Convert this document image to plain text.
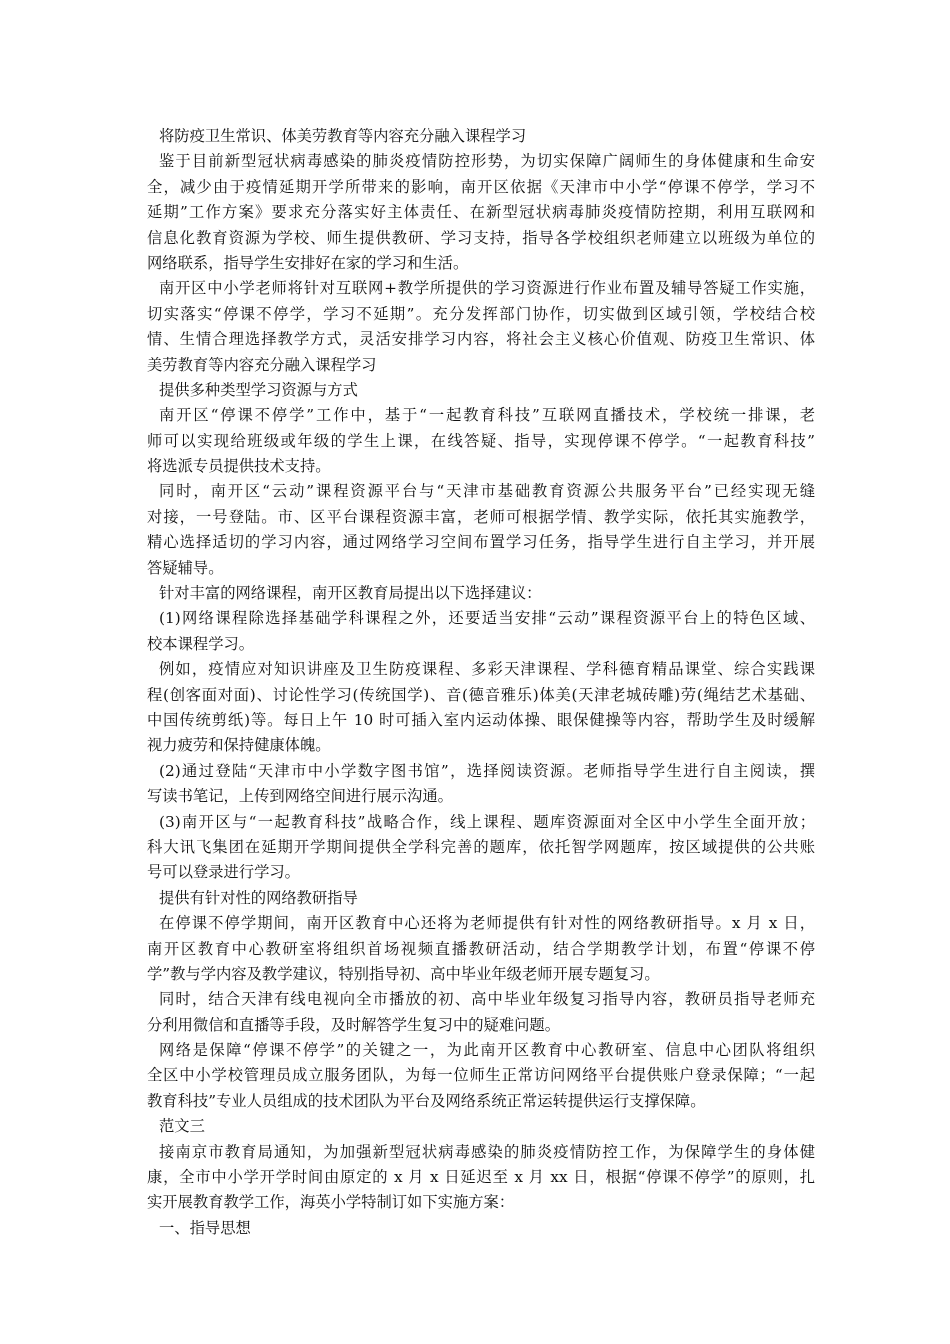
将防疫卫生常识、体美劳教育等内容充分融入课程学习
鉴于目前新型冠状病毒感染的肺炎疫情防控形势，为切实保障广阔师生的身体健康和生命安
全，减少由于疫情延期开学所带来的影响，南开区依据《天津市中小学“停课不停学，学习不
延期”工作方案》要求充分落实好主体责任、在新型冠状病毒肺炎疫情防控期，利用互联网和
信息化教育资源为学校、师生提供教研、学习支持，指导各学校组织老师建立以班级为单位的
网络联系，指导学生安排好在家的学习和生活。
南开区中小学老师将针对互联网+教学所提供的学习资源进行作业布置及辅导答疑工作实施，
切实落实“停课不停学，学习不延期”。充分发挥部门协作，切实做到区域引领，学校结合校
情、生情合理选择教学方式，灵活安排学习内容，将社会主义核心价值观、防疫卫生常识、体
美劳教育等内容充分融入课程学习
提供多种类型学习资源与方式
南开区“停课不停学”工作中，基于“一起教育科技”互联网直播技术，学校统一排课，老
师可以实现给班级或年级的学生上课，在线答疑、指导，实现停课不停学。“一起教育科技”
将选派专员提供技术支持。
同时，南开区“云动”课程资源平台与“天津市基础教育资源公共服务平台”已经实现无缝
对接，一号登陆。市、区平台课程资源丰富，老师可根据学情、教学实际，依托其实施教学，
精心选择适切的学习内容，通过网络学习空间布置学习任务，指导学生进行自主学习，并开展
答疑辅导。
针对丰富的网络课程，南开区教育局提出以下选择建议：
(1)网络课程除选择基础学科课程之外，还要适当安排“云动”课程资源平台上的特色区域、
校本课程学习。
例如，疫情应对知识讲座及卫生防疫课程、多彩天津课程、学科德育精品课堂、综合实践课
程(创客面对面)、讨论性学习(传统国学)、音(德音雅乐)体美(天津老城砖雕)劳(绳结艺术基础、
中国传统剪纸)等。每日上午 10 时可插入室内运动体操、眼保健操等内容，帮助学生及时缓解
视力疲劳和保持健康体魄。
(2)通过登陆“天津市中小学数字图书馆”，选择阅读资源。老师指导学生进行自主阅读，撰
写读书笔记，上传到网络空间进行展示沟通。
(3)南开区与“一起教育科技”战略合作，线上课程、题库资源面对全区中小学生全面开放；
科大讯飞集团在延期开学期间提供全学科完善的题库，依托智学网题库，按区域提供的公共账
号可以登录进行学习。
提供有针对性的网络教研指导
在停课不停学期间，南开区教育中心还将为老师提供有针对性的网络教研指导。x 月 x 日，
南开区教育中心教研室将组织首场视频直播教研活动，结合学期教学计划，布置“停课不停
学”教与学内容及教学建议，特别指导初、高中毕业年级老师开展专题复习。
同时，结合天津有线电视向全市播放的初、高中毕业年级复习指导内容，教研员指导老师充
分利用微信和直播等手段，及时解答学生复习中的疑难问题。
网络是保障“停课不停学”的关键之一，为此南开区教育中心教研室、信息中心团队将组织
全区中小学校管理员成立服务团队，为每一位师生正常访问网络平台提供账户登录保障；“一起
教育科技”专业人员组成的技术团队为平台及网络系统正常运转提供运行支撑保障。
范文三
接南京市教育局通知，为加强新型冠状病毒感染的肺炎疫情防控工作，为保障学生的身体健
康，全市中小学开学时间由原定的 x 月 x 日延迟至 x 月 xx 日，根据“停课不停学”的原则，扎
实开展教育教学工作，海英小学特制订如下实施方案：
一、指导思想
